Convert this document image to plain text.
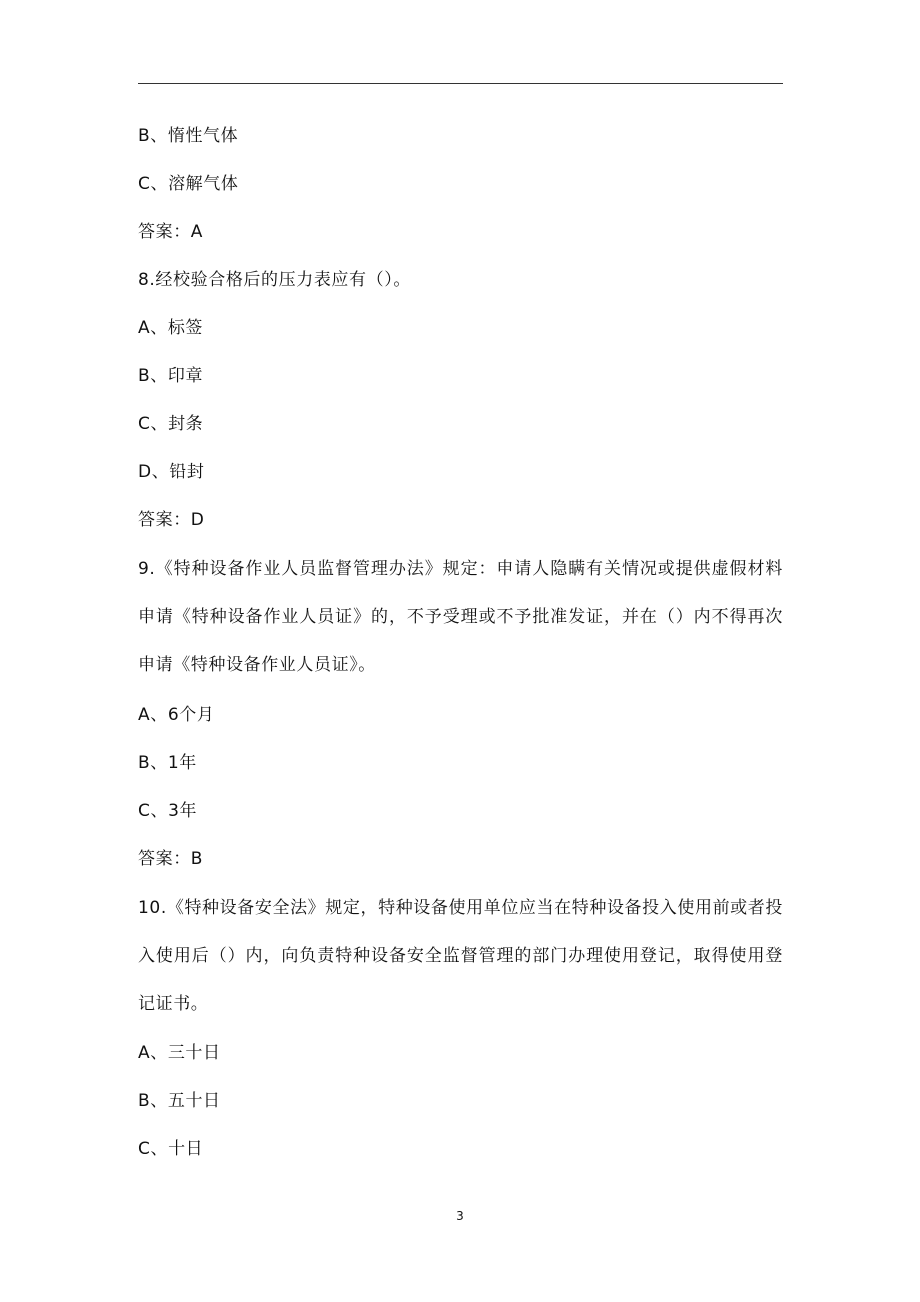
B、惰性气体
C、溶解气体
答案：A
8.经校验合格后的压力表应有（）。
A、标签
B、印章
C、封条
D、铅封
答案：D
9.《特种设备作业人员监督管理办法》规定：申请人隐瞒有关情况或提供虚假材料申请《特种设备作业人员证》的，不予受理或不予批准发证，并在（）内不得再次申请《特种设备作业人员证》。
A、6个月
B、1年
C、3年
答案：B
10.《特种设备安全法》规定，特种设备使用单位应当在特种设备投入使用前或者投入使用后（）内，向负责特种设备安全监督管理的部门办理使用登记，取得使用登记证书。
A、三十日
B、五十日
C、十日
3
